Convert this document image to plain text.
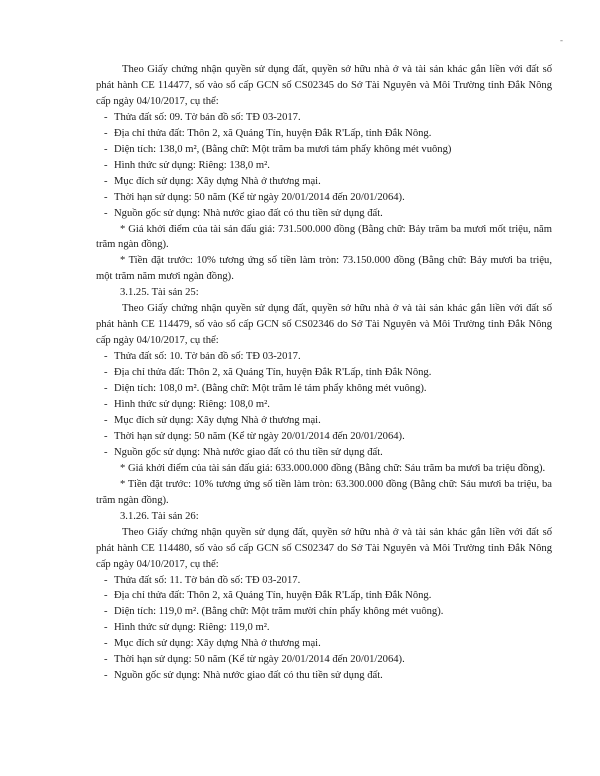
-

Theo Giấy chứng nhận quyền sử dụng đất, quyền sở hữu nhà ở và tài sản khác gắn liền với đất số phát hành CE 114477, số vào sổ cấp GCN số CS02345 do Sở Tài Nguyên và Môi Trường tỉnh Đắk Nông cấp ngày 04/10/2017, cụ thể:

- Thửa đất số: 09. Tờ bản đồ số: TĐ 03-2017.

- Địa chỉ thửa đất: Thôn 2, xã Quảng Tín, huyện Đắk R'Lấp, tỉnh Đắk Nông.

- Diện tích: 138,0 m², (Bằng chữ: Một trăm ba mươi tám phẩy không mét vuông)

- Hình thức sử dụng: Riêng: 138,0 m².

- Mục đích sử dụng: Xây dựng Nhà ở thương mại.

- Thời hạn sử dụng: 50 năm (Kể từ ngày 20/01/2014 đến 20/01/2064).

- Nguồn gốc sử dụng: Nhà nước giao đất có thu tiền sử dụng đất.

* Giá khởi điểm của tài sản đấu giá: 731.500.000 đồng (Bằng chữ: Bảy trăm ba mươi mốt triệu, năm trăm ngàn đồng).

* Tiền đặt trước: 10% tương ứng số tiền làm tròn: 73.150.000 đồng (Bằng chữ: Bảy mươi ba triệu, một trăm năm mươi ngàn đồng).

3.1.25. Tài sản 25:

Theo Giấy chứng nhận quyền sử dụng đất, quyền sở hữu nhà ở và tài sản khác gắn liền với đất số phát hành CE 114479, số vào sổ cấp GCN số CS02346 do Sở Tài Nguyên và Môi Trường tỉnh Đắk Nông cấp ngày 04/10/2017, cụ thể:

- Thửa đất số: 10. Tờ bản đồ số: TĐ 03-2017.

- Địa chỉ thửa đất: Thôn 2, xã Quảng Tín, huyện Đắk R'Lấp, tỉnh Đắk Nông.

- Diện tích: 108,0 m². (Bằng chữ: Một trăm lẻ tám phẩy không mét vuông).

- Hình thức sử dụng: Riêng: 108,0 m².

- Mục đích sử dụng: Xây dựng Nhà ở thương mại.

- Thời hạn sử dụng: 50 năm (Kể từ ngày 20/01/2014 đến 20/01/2064).

- Nguồn gốc sử dụng: Nhà nước giao đất có thu tiền sử dụng đất.

* Giá khởi điểm của tài sản đấu giá: 633.000.000 đồng (Bằng chữ: Sáu trăm ba mươi ba triệu đồng).

* Tiền đặt trước: 10% tương ứng số tiền làm tròn: 63.300.000 đồng (Bằng chữ: Sáu mươi ba triệu, ba trăm ngàn đồng).

3.1.26. Tài sản 26:

Theo Giấy chứng nhận quyền sử dụng đất, quyền sở hữu nhà ở và tài sản khác gắn liền với đất số phát hành CE 114480, số vào sổ cấp GCN số CS02347 do Sở Tài Nguyên và Môi Trường tỉnh Đắk Nông cấp ngày 04/10/2017, cụ thể:

- Thửa đất số: 11. Tờ bản đồ số: TĐ 03-2017.

- Địa chỉ thửa đất: Thôn 2, xã Quảng Tín, huyện Đắk R'Lấp, tỉnh Đắk Nông.

- Diện tích: 119,0 m². (Bằng chữ: Một trăm mười chín phẩy không mét vuông).

- Hình thức sử dụng: Riêng: 119,0 m².

- Mục đích sử dụng: Xây dựng Nhà ở thương mại.

- Thời hạn sử dụng: 50 năm (Kể từ ngày 20/01/2014 đến 20/01/2064).

- Nguồn gốc sử dụng: Nhà nước giao đất có thu tiền sử dụng đất.
